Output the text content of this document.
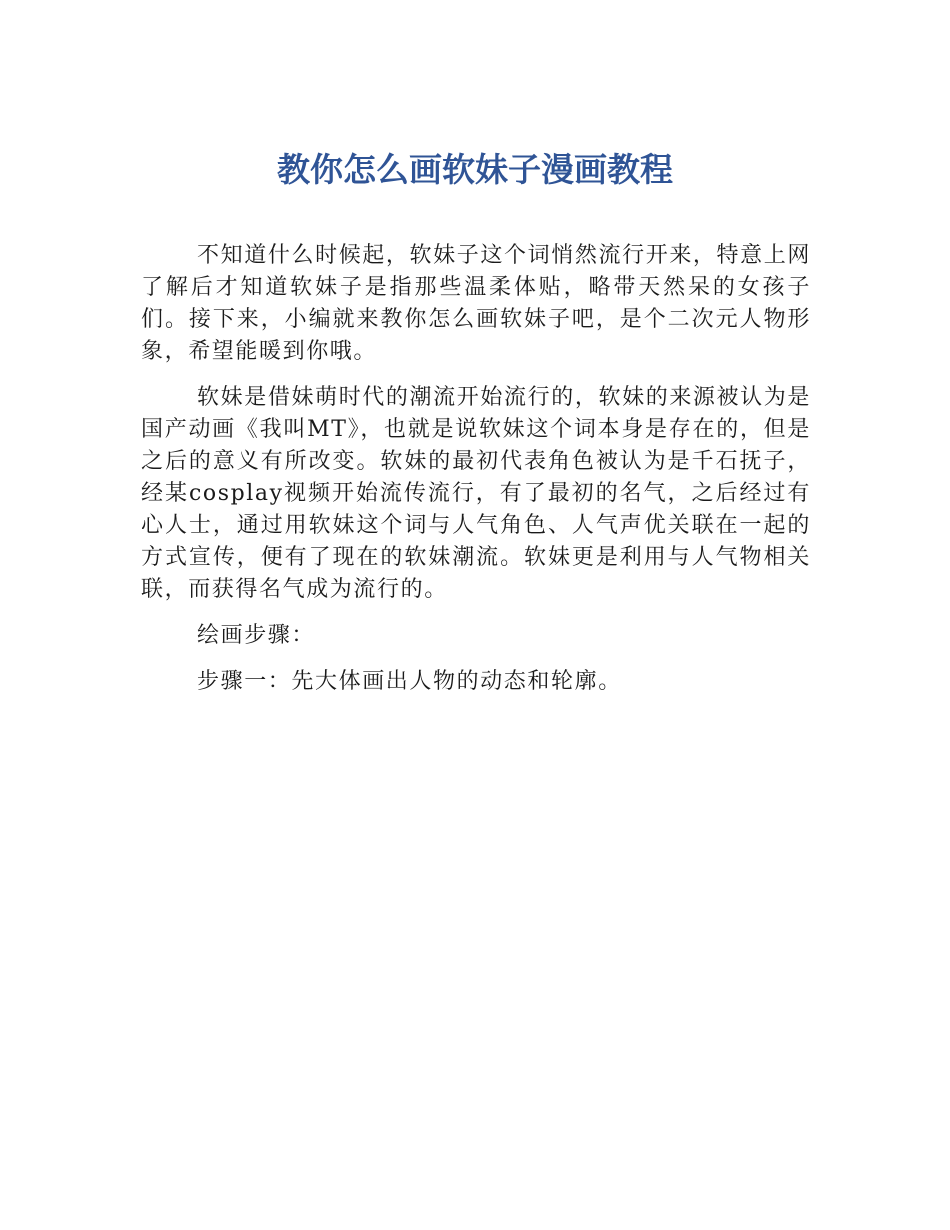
教你怎么画软妹子漫画教程

不知道什么时候起，软妹子这个词悄然流行开来，特意上网了解后才知道软妹子是指那些温柔体贴，略带天然呆的女孩子们。接下来，小编就来教你怎么画软妹子吧，是个二次元人物形象，希望能暖到你哦。

软妹是借妹萌时代的潮流开始流行的，软妹的来源被认为是国产动画《我叫MT》，也就是说软妹这个词本身是存在的，但是之后的意义有所改变。软妹的最初代表角色被认为是千石抚子，经某cosplay视频开始流传流行，有了最初的名气，之后经过有心人士，通过用软妹这个词与人气角色、人气声优关联在一起的方式宣传，便有了现在的软妹潮流。软妹更是利用与人气物相关联，而获得名气成为流行的。

绘画步骤：

步骤一：先大体画出人物的动态和轮廓。
